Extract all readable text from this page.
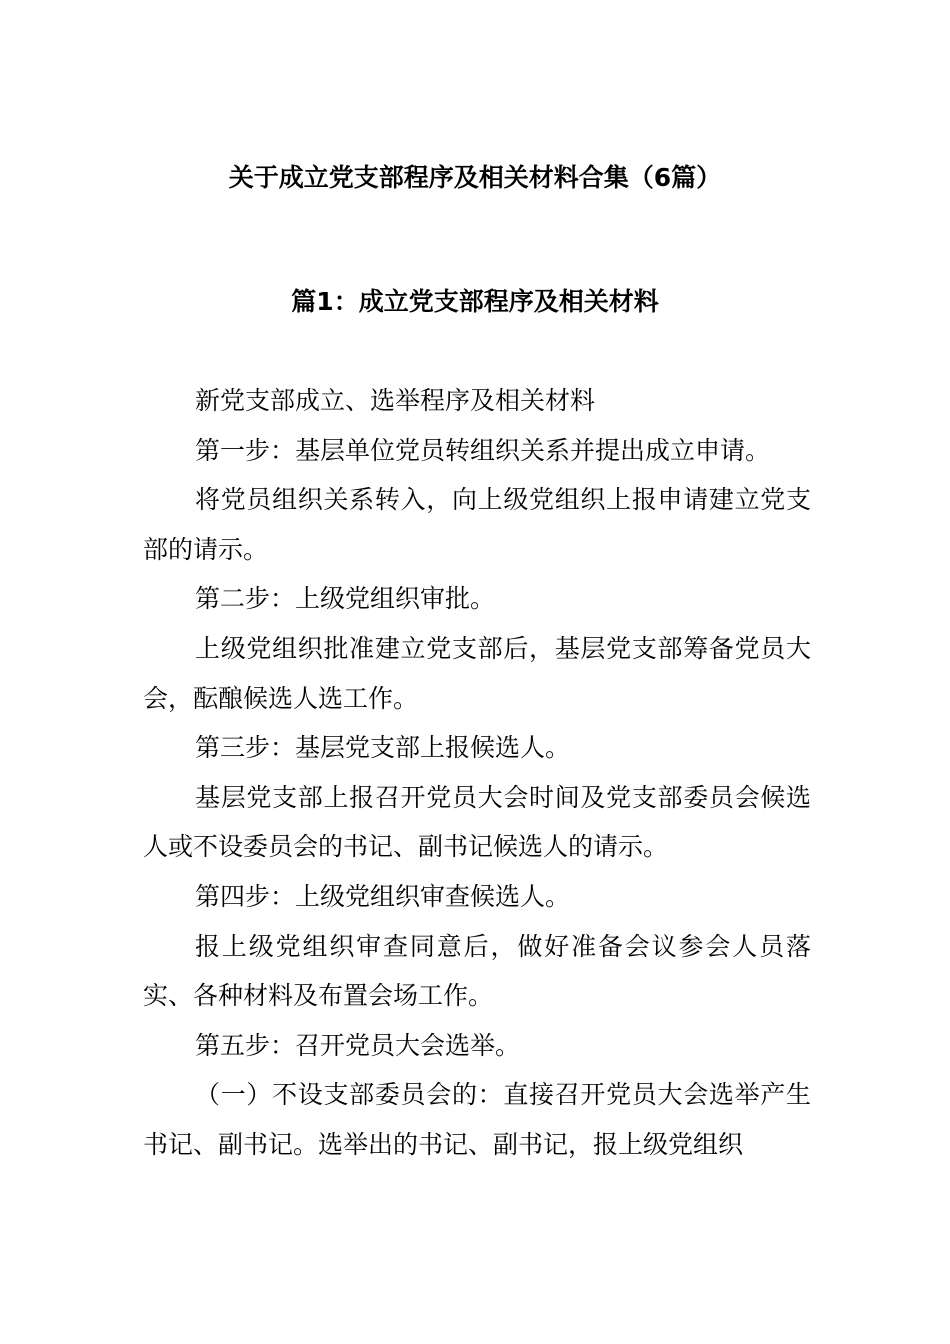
关于成立党支部程序及相关材料合集（6篇）
篇1：成立党支部程序及相关材料

新党支部成立、选举程序及相关材料

第一步：基层单位党员转组织关系并提出成立申请。

将党员组织关系转入，向上级党组织上报申请建立党支部的请示。

第二步：上级党组织审批。

上级党组织批准建立党支部后，基层党支部筹备党员大会，酝酿候选人选工作。

第三步：基层党支部上报候选人。

基层党支部上报召开党员大会时间及党支部委员会候选人或不设委员会的书记、副书记候选人的请示。

第四步：上级党组织审查候选人。

报上级党组织审查同意后，做好准备会议参会人员落实、各种材料及布置会场工作。

第五步：召开党员大会选举。

（一）不设支部委员会的：直接召开党员大会选举产生书记、副书记。选举出的书记、副书记，报上级党组织
